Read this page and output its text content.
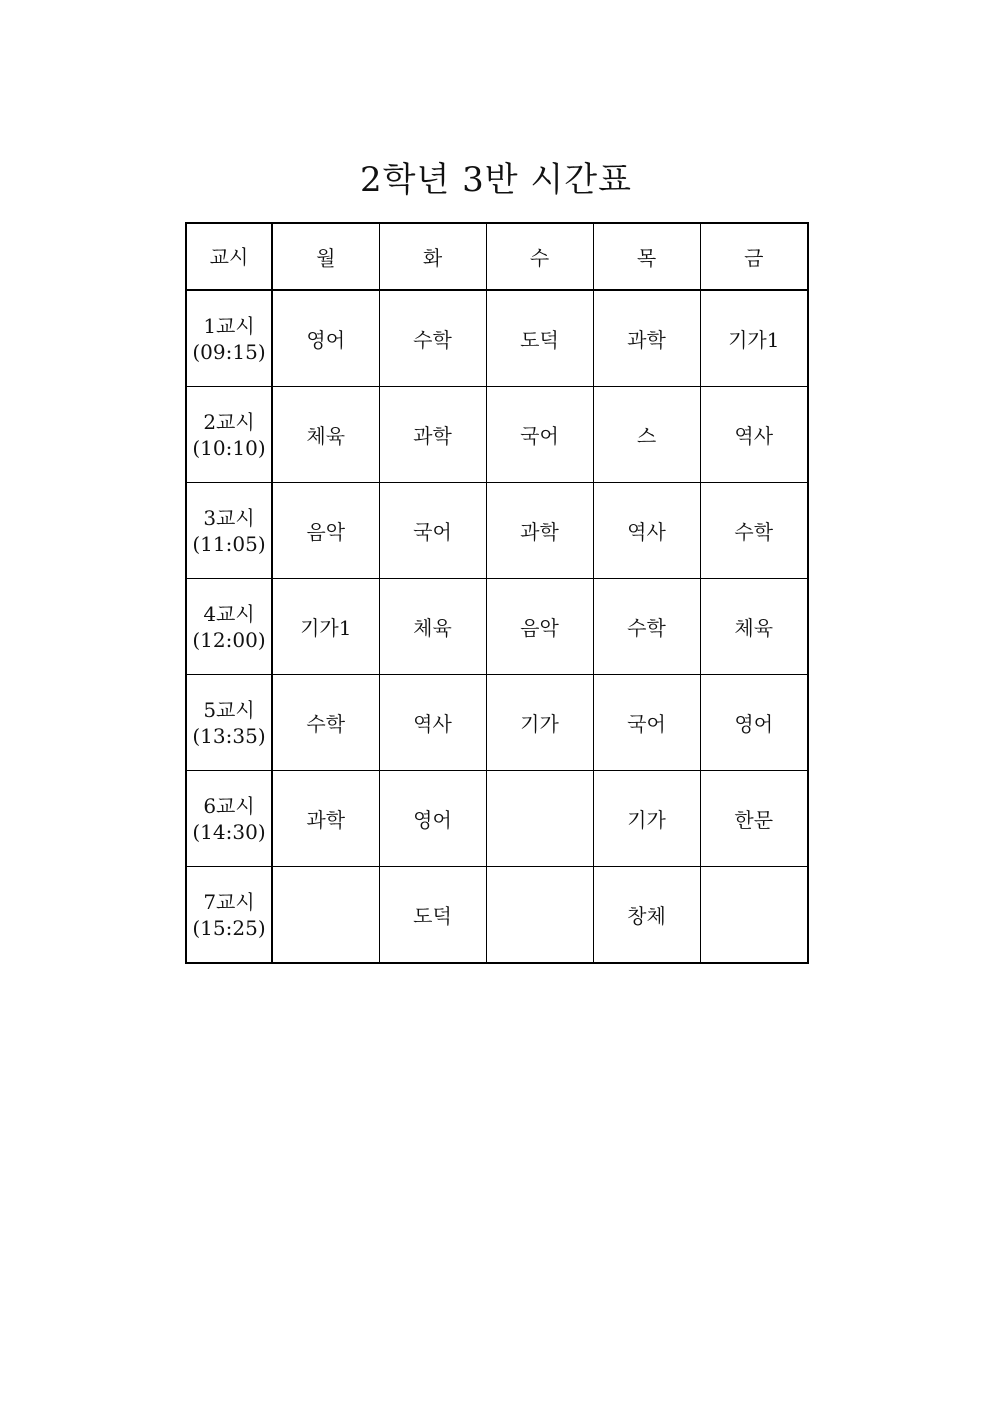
2학년 3반 시간표
교시	월	화	수	목	금

1교시
(09:15)	영어	수학	도덕	과학	기가1

2교시
(10:10)	체육	과학	국어	스	역사

3교시
(11:05)	음악	국어	과학	역사	수학

4교시
(12:00)	기가1	체육	음악	수학	체육

5교시
(13:35)	수학	역사	기가	국어	영어

6교시
(14:30)	과학	영어		기가	한문

7교시
(15:25)		도덕		창체	
